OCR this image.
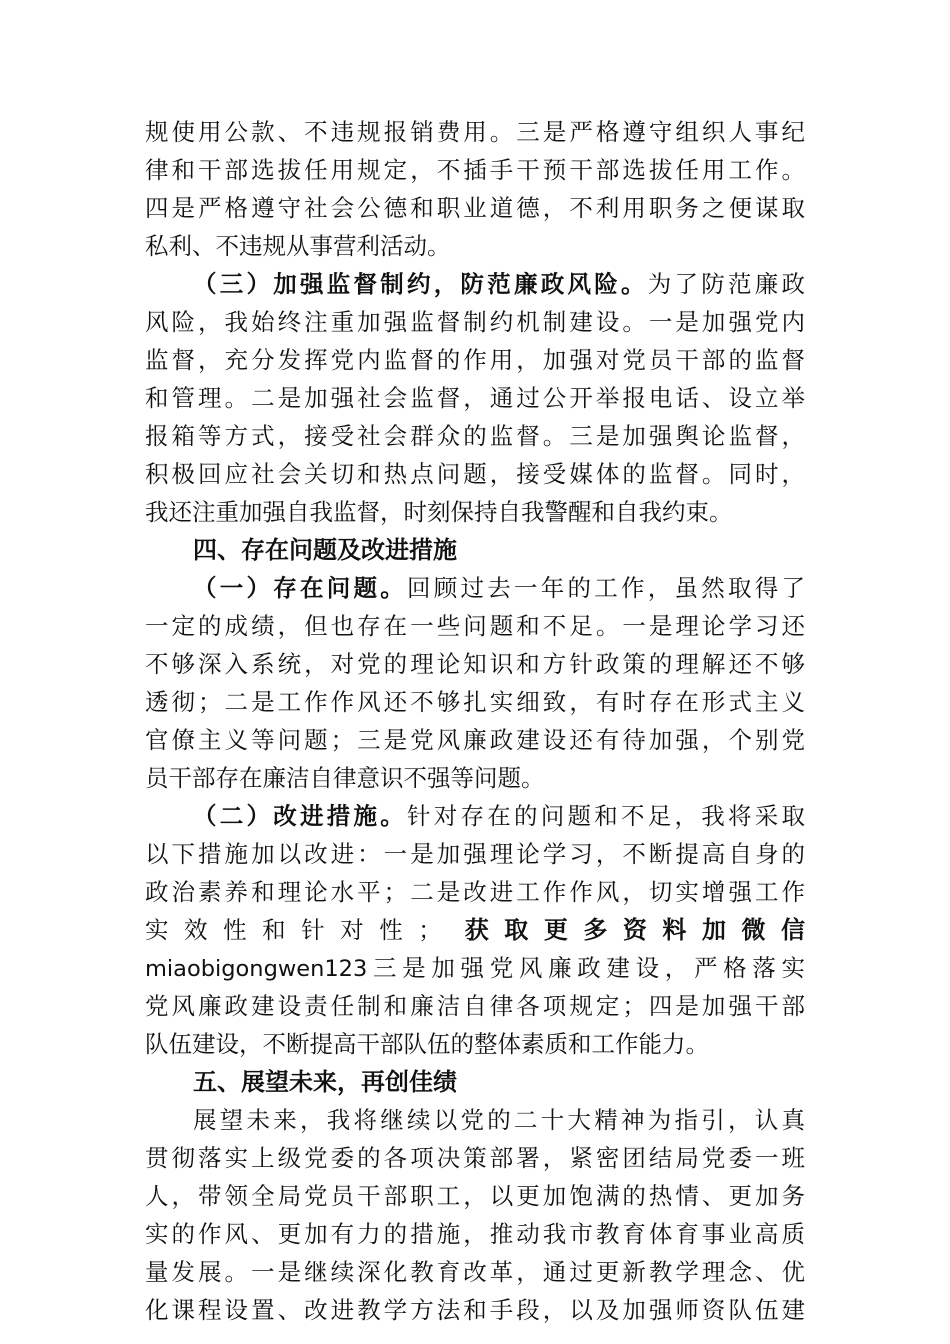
规使用公款、不违规报销费用。三是严格遵守组织人事纪
律和干部选拔任用规定，不插手干预干部选拔任用工作。
四是严格遵守社会公德和职业道德，不利用职务之便谋取
私利、不违规从事营利活动。
（三）加强监督制约，防范廉政风险。为了防范廉政
风险，我始终注重加强监督制约机制建设。一是加强党内
监督，充分发挥党内监督的作用，加强对党员干部的监督
和管理。二是加强社会监督，通过公开举报电话、设立举
报箱等方式，接受社会群众的监督。三是加强舆论监督，
积极回应社会关切和热点问题，接受媒体的监督。同时，
我还注重加强自我监督，时刻保持自我警醒和自我约束。
四、存在问题及改进措施
（一）存在问题。回顾过去一年的工作，虽然取得了
一定的成绩，但也存在一些问题和不足。一是理论学习还
不够深入系统，对党的理论知识和方针政策的理解还不够
透彻；二是工作作风还不够扎实细致，有时存在形式主义
官僚主义等问题；三是党风廉政建设还有待加强，个别党
员干部存在廉洁自律意识不强等问题。
（二）改进措施。针对存在的问题和不足，我将采取
以下措施加以改进：一是加强理论学习，不断提高自身的
政治素养和理论水平；二是改进工作作风，切实增强工作
实效性和针对性； 获取更多资料加微信
miaobigongwen123三是加强党风廉政建设，严格落实
党风廉政建设责任制和廉洁自律各项规定；四是加强干部
队伍建设，不断提高干部队伍的整体素质和工作能力。
五、展望未来，再创佳绩
展望未来，我将继续以党的二十大精神为指引，认真
贯彻落实上级党委的各项决策部署，紧密团结局党委一班
人，带领全局党员干部职工，以更加饱满的热情、更加务
实的作风、更加有力的措施，推动我市教育体育事业高质
量发展。一是继续深化教育改革，通过更新教学理念、优
化课程设置、改进教学方法和手段，以及加强师资队伍建
